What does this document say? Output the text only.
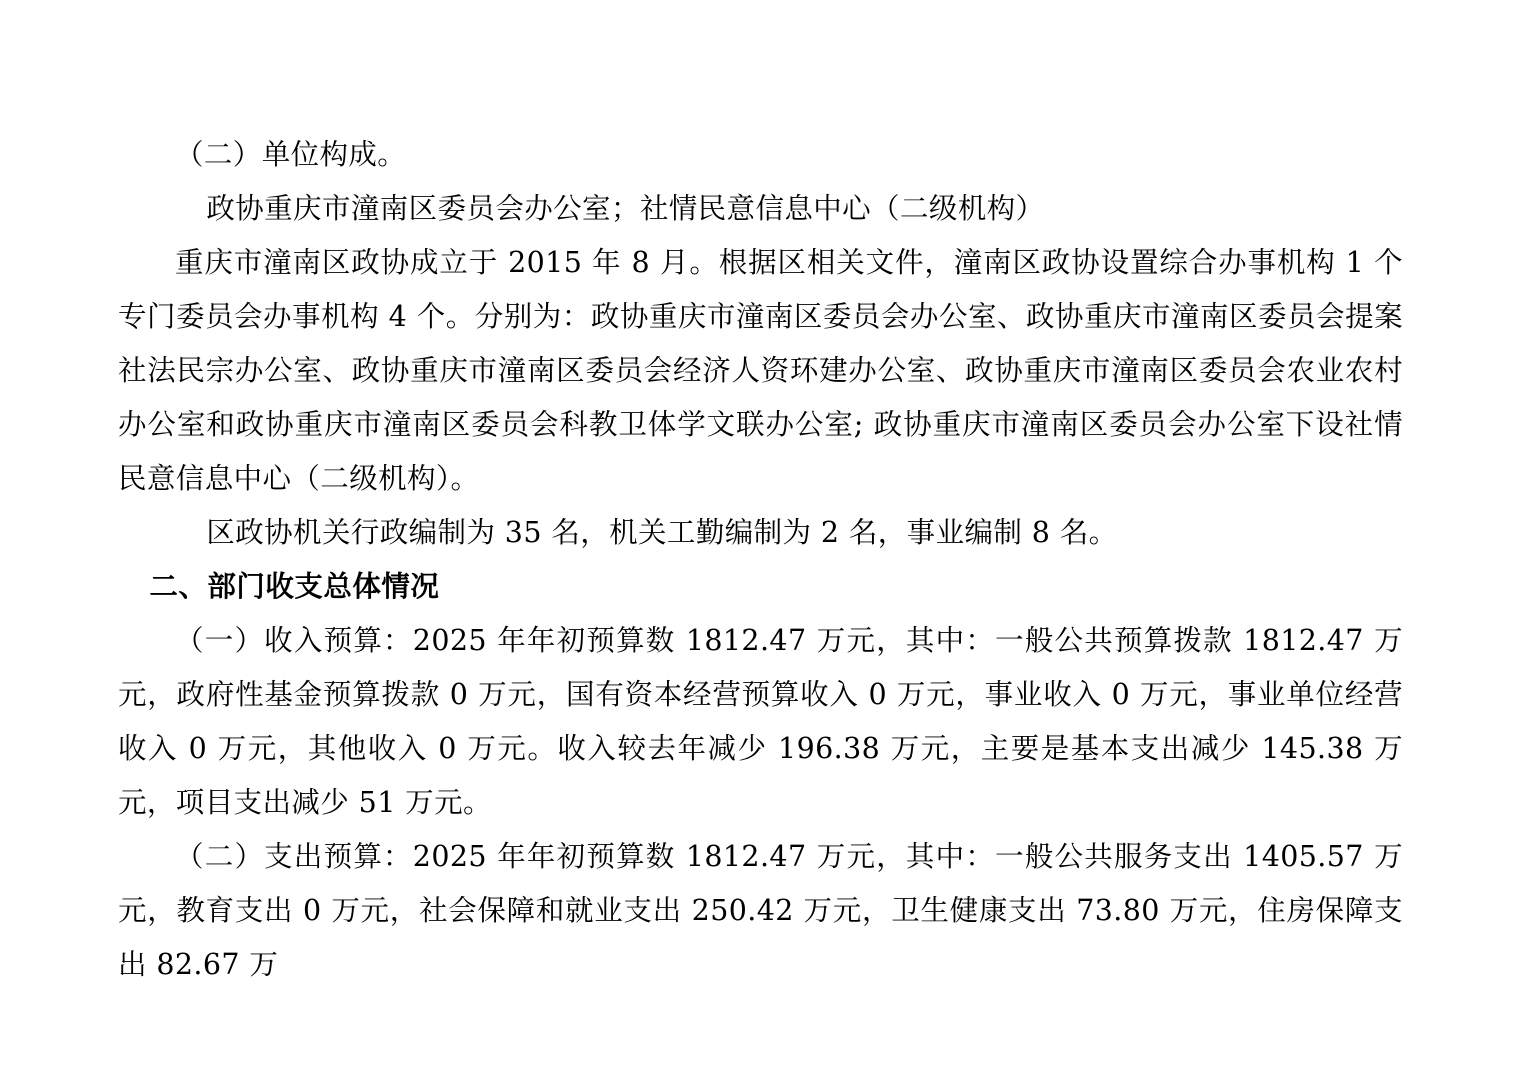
（二）单位构成。

政协重庆市潼南区委员会办公室；社情民意信息中心（二级机构）

重庆市潼南区政协成立于 2015 年 8 月。根据区相关文件，潼南区政协设置综合办事机构 1 个专门委员会办事机构 4 个。分别为：政协重庆市潼南区委员会办公室、政协重庆市潼南区委员会提案社法民宗办公室、政协重庆市潼南区委员会经济人资环建办公室、政协重庆市潼南区委员会农业农村办公室和政协重庆市潼南区委员会科教卫体学文联办公室; 政协重庆市潼南区委员会办公室下设社情民意信息中心（二级机构）。

区政协机关行政编制为 35 名，机关工勤编制为 2 名，事业编制 8 名。

二、部门收支总体情况

（一）收入预算：2025 年年初预算数 1812.47 万元，其中：一般公共预算拨款 1812.47 万元，政府性基金预算拨款 0 万元，国有资本经营预算收入 0 万元，事业收入 0 万元，事业单位经营收入 0 万元，其他收入 0 万元。收入较去年减少 196.38 万元，主要是基本支出减少 145.38 万元，项目支出减少 51 万元。

（二）支出预算：2025 年年初预算数 1812.47 万元，其中：一般公共服务支出 1405.57 万元，教育支出 0 万元，社会保障和就业支出 250.42 万元，卫生健康支出 73.80 万元，住房保障支出 82.67 万
